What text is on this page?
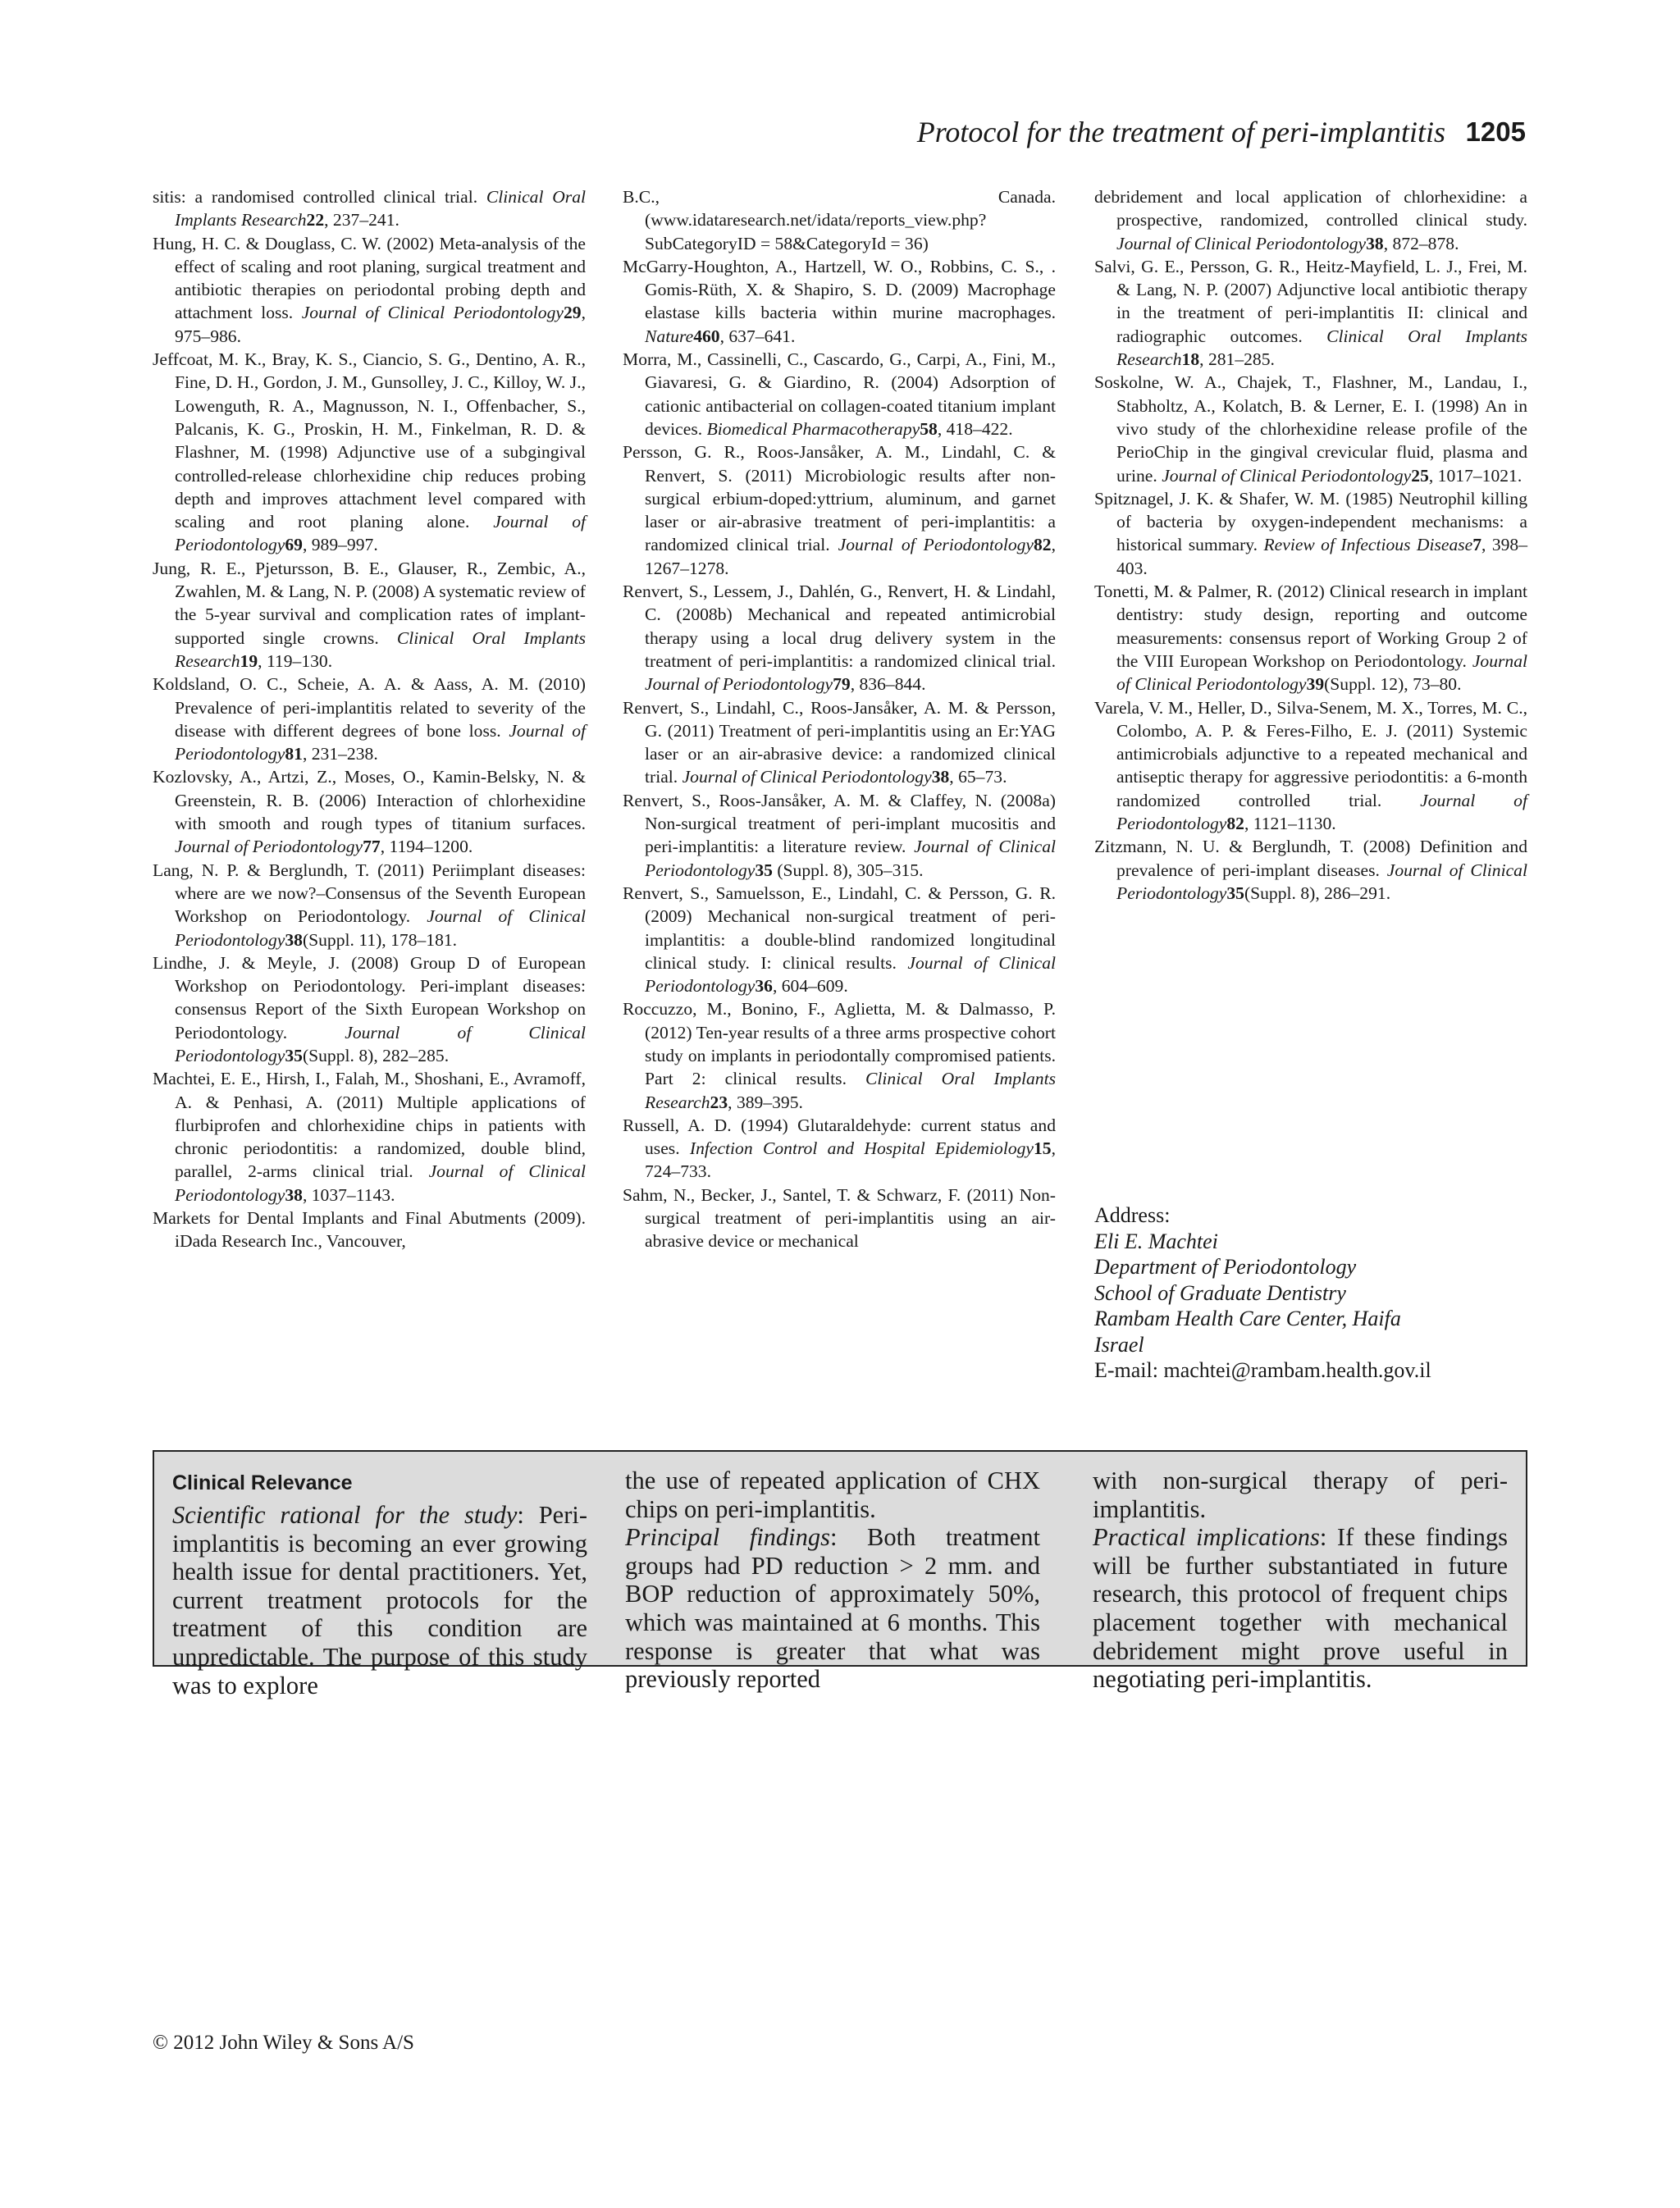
Protocol for the treatment of peri-implantitis 1205
sitis: a randomised controlled clinical trial. Clinical Oral Implants Research22, 237–241.
Hung, H. C. & Douglass, C. W. (2002) Meta-analysis of the effect of scaling and root planing, surgical treatment and antibiotic therapies on periodontal probing depth and attachment loss. Journal of Clinical Periodontology29, 975–986.
Jeffcoat, M. K., Bray, K. S., Ciancio, S. G., Dentino, A. R., Fine, D. H., Gordon, J. M., Gunsolley, J. C., Killoy, W. J., Lowenguth, R. A., Magnusson, N. I., Offenbacher, S., Palcanis, K. G., Proskin, H. M., Finkelman, R. D. & Flashner, M. (1998) Adjunctive use of a subgingival controlled-release chlorhexidine chip reduces probing depth and improves attachment level compared with scaling and root planing alone. Journal of Periodontology69, 989–997.
Jung, R. E., Pjetursson, B. E., Glauser, R., Zembic, A., Zwahlen, M. & Lang, N. P. (2008) A systematic review of the 5-year survival and complication rates of implant-supported single crowns. Clinical Oral Implants Research19, 119–130.
Koldsland, O. C., Scheie, A. A. & Aass, A. M. (2010) Prevalence of peri-implantitis related to severity of the disease with different degrees of bone loss. Journal of Periodontology81, 231–238.
Kozlovsky, A., Artzi, Z., Moses, O., Kamin-Belsky, N. & Greenstein, R. B. (2006) Interaction of chlorhexidine with smooth and rough types of titanium surfaces. Journal of Periodontology77, 1194–1200.
Lang, N. P. & Berglundh, T. (2011) Periimplant diseases: where are we now?–Consensus of the Seventh European Workshop on Periodontology. Journal of Clinical Periodontology38(Suppl. 11), 178–181.
Lindhe, J. & Meyle, J. (2008) Group D of European Workshop on Periodontology. Peri-implant diseases: consensus Report of the Sixth European Workshop on Periodontology.	Journal of Clinical Periodontology35(Suppl. 8), 282–285.
Machtei, E. E., Hirsh, I., Falah, M., Shoshani, E., Avramoff, A. & Penhasi, A. (2011) Multiple applications of flurbiprofen and chlorhexidine chips in patients with chronic periodontitis: a randomized, double blind, parallel, 2-arms clinical trial. Journal of Clinical Periodontology38, 1037–1143.
Markets for Dental Implants and Final Abutments (2009). iDada Research Inc., Vancouver,
B.C., Canada. (www.idataresearch.net/idata/reports_view.php?SubCategoryID = 58&CategoryId = 36)
McGarry-Houghton, A., Hartzell, W. O., Robbins, C. S., . Gomis-Rüth, X. & Shapiro, S. D. (2009) Macrophage elastase kills bacteria within murine macrophages. Nature460, 637–641.
Morra, M., Cassinelli, C., Cascardo, G., Carpi, A., Fini, M., Giavaresi, G. & Giardino, R. (2004) Adsorption of cationic antibacterial on collagen-coated titanium implant devices. Biomedical Pharmacotherapy58, 418–422.
Persson, G. R., Roos-Jansåker, A. M., Lindahl, C. & Renvert, S. (2011) Microbiologic results after non-surgical erbium-doped:yttrium, aluminum, and garnet laser or air-abrasive treatment of peri-implantitis: a randomized clinical trial. Journal of Periodontology82, 1267–1278.
Renvert, S., Lessem, J., Dahlén, G., Renvert, H. & Lindahl, C. (2008b) Mechanical and repeated antimicrobial therapy using a local drug delivery system in the treatment of peri-implantitis: a randomized clinical trial. Journal of Periodontology79, 836–844.
Renvert, S., Lindahl, C., Roos-Jansåker, A. M. & Persson, G. (2011) Treatment of peri-implantitis using an Er:YAG laser or an air-abrasive device: a randomized clinical trial. Journal of Clinical Periodontology38, 65–73.
Renvert, S., Roos-Jansåker, A. M. & Claffey, N. (2008a) Non-surgical treatment of peri-implant mucositis and peri-implantitis: a literature review. Journal of Clinical Periodontology35 (Suppl. 8), 305–315.
Renvert, S., Samuelsson, E., Lindahl, C. & Persson, G. R. (2009) Mechanical non-surgical treatment of peri-implantitis: a double-blind randomized longitudinal clinical study. I: clinical results. Journal of Clinical Periodontology36, 604–609.
Roccuzzo, M., Bonino, F., Aglietta, M. & Dalmasso, P. (2012) Ten-year results of a three arms prospective cohort study on implants in periodontally compromised patients. Part 2: clinical results. Clinical Oral Implants Research23, 389–395.
Russell, A. D. (1994) Glutaraldehyde: current status and uses. Infection Control and Hospital Epidemiology15, 724–733.
Sahm, N., Becker, J., Santel, T. & Schwarz, F. (2011) Non-surgical treatment of peri-implantitis using an air-abrasive device or mechanical
debridement and local application of chlorhexidine: a prospective, randomized, controlled clinical study. Journal of Clinical Periodontology38, 872–878.
Salvi, G. E., Persson, G. R., Heitz-Mayfield, L. J., Frei, M. & Lang, N. P. (2007) Adjunctive local antibiotic therapy in the treatment of peri-implantitis II: clinical and radiographic outcomes. Clinical Oral Implants Research18, 281–285.
Soskolne, W. A., Chajek, T., Flashner, M., Landau, I., Stabholtz, A., Kolatch, B. & Lerner, E. I. (1998) An in vivo study of the chlorhexidine release profile of the PerioChip in the gingival crevicular fluid, plasma and urine. Journal of Clinical Periodontology25, 1017–1021.
Spitznagel, J. K. & Shafer, W. M. (1985) Neutrophil killing of bacteria by oxygen-independent mechanisms: a historical summary. Review of Infectious Disease7, 398–403.
Tonetti, M. & Palmer, R. (2012) Clinical research in implant dentistry: study design, reporting and outcome measurements: consensus report of Working Group 2 of the VIII European Workshop on Periodontology. Journal of Clinical Periodontology39(Suppl. 12), 73–80.
Varela, V. M., Heller, D., Silva-Senem, M. X., Torres, M. C., Colombo, A. P. & Feres-Filho, E. J. (2011) Systemic antimicrobials adjunctive to a repeated mechanical and antiseptic therapy for aggressive periodontitis: a 6-month randomized controlled trial. Journal of Periodontology82, 1121–1130.
Zitzmann, N. U. & Berglundh, T. (2008) Definition and prevalence of peri-implant diseases. Journal of Clinical Periodontology35(Suppl. 8), 286–291.
Address:
Eli E. Machtei
Department of Periodontology
School of Graduate Dentistry
Rambam Health Care Center, Haifa
Israel
E-mail: machtei@rambam.health.gov.il
Clinical Relevance
Scientific rational for the study: Peri-implantitis is becoming an ever growing health issue for dental practitioners. Yet, current treatment protocols for the treatment of this condition are unpredictable. The purpose of this study was to explore
the use of repeated application of CHX chips on peri-implantitis.
Principal findings: Both treatment groups had PD reduction > 2 mm. and BOP reduction of approximately 50%, which was maintained at 6 months. This response is greater that what was previously reported
with non-surgical therapy of peri-implantitis.
Practical implications: If these findings will be further substantiated in future research, this protocol of frequent chips placement together with mechanical debridement might prove useful in negotiating peri-implantitis.
© 2012 John Wiley & Sons A/S
